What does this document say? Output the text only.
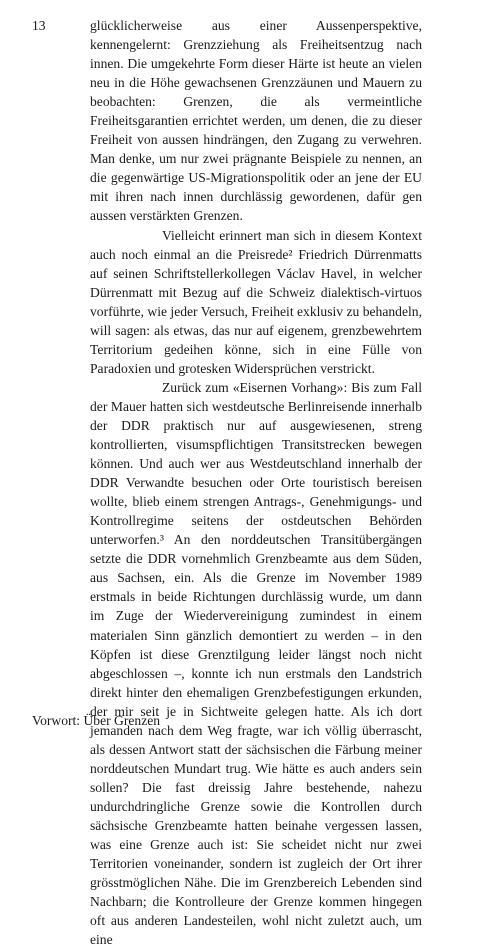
13	glücklicherweise aus einer Aussenperspektive, kennengelernt: Grenzziehung als Freiheitsentzug nach innen. Die umgekehrte Form dieser Härte ist heute an vielen neu in die Höhe gewachsenen Grenzzäunen und Mauern zu beobachten: Grenzen, die als vermeintliche Freiheitsgarantien errichtet werden, um denen, die zu dieser Freiheit von aussen hindrängen, den Zugang zu verwehren. Man denke, um nur zwei prägnante Beispiele zu nennen, an die gegenwärtige US-Migrationspolitik oder an jene der EU mit ihren nach innen durchlässig gewordenen, dafür gen aussen verstärkten Grenzen.

Vielleicht erinnert man sich in diesem Kontext auch noch einmal an die Preisrede² Friedrich Dürrenmatts auf seinen Schriftstellerkollegen Václav Havel, in welcher Dürrenmatt mit Bezug auf die Schweiz dialektisch-virtuos vorführte, wie jeder Versuch, Freiheit exklusiv zu behandeln, will sagen: als etwas, das nur auf eigenem, grenzbewehrtem Territorium gedeihen könne, sich in eine Fülle von Paradoxien und grotesken Widersprüchen verstrickt.

Zurück zum «Eisernen Vorhang»: Bis zum Fall der Mauer hatten sich westdeutsche Berlinreisende innerhalb der DDR praktisch nur auf ausgewiesenen, streng kontrollierten, visumspflichtigen Transitstrecken bewegen können. Und auch wer aus Westdeutschland innerhalb der DDR Verwandte besuchen oder Orte touristisch bereisen wollte, blieb einem strengen Antrags-, Genehmigungs- und Kontrollregime seitens der ostdeutschen Behörden unterworfen.³ An den norddeutschen Transitübergängen setzte die DDR vornehmlich Grenzbeamte aus dem Süden, aus Sachsen, ein. Als die Grenze im November 1989 erstmals in beide Richtungen durchlässig wurde, um dann im Zuge der Wiedervereinigung zumindest in einem materialen Sinn gänzlich demontiert zu werden – in den Köpfen ist diese Grenztilgung leider längst noch nicht abgeschlossen –, konnte ich nun erstmals den Landstrich direkt hinter den ehemaligen Grenzbefestigungen erkunden, der mir seit je in Sichtweite gelegen hatte. Als ich dort jemanden nach dem Weg fragte, war ich völlig überrascht, als dessen Antwort statt der sächsischen die Färbung meiner norddeutschen Mundart trug. Wie hätte es auch anders sein sollen? Die fast dreissig Jahre bestehende, nahezu undurchdringliche Grenze sowie die Kontrollen durch sächsische Grenzbeamte hatten beinahe vergessen lassen, was eine Grenze auch ist: Sie scheidet nicht nur zwei Territorien voneinander, sondern ist zugleich der Ort ihrer grösstmöglichen Nähe. Die im Grenzbereich Lebenden sind Nachbarn; die Kontrolleure der Grenze kommen hingegen oft aus anderen Landesteilen, wohl nicht zuletzt auch, um eine

Vorwort: Über Grenzen
